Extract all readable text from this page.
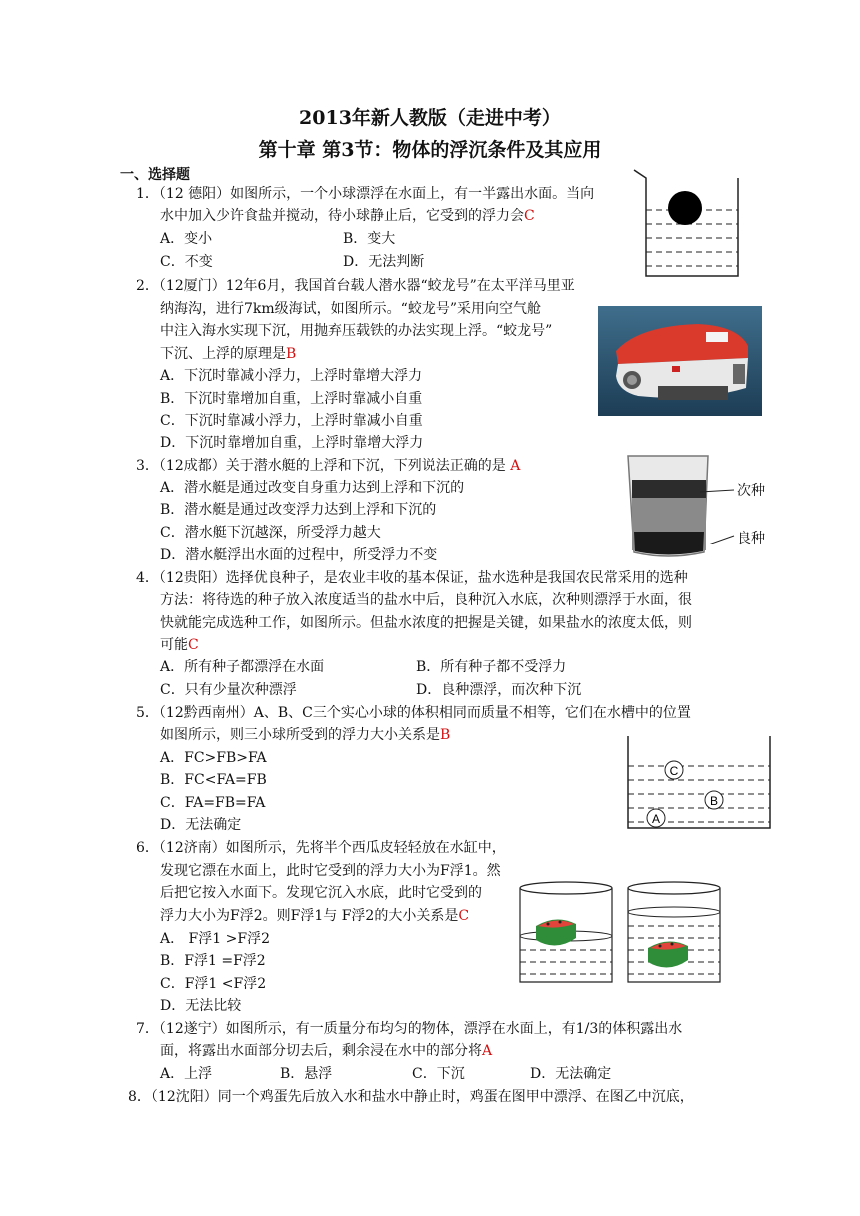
2013年新人教版（走进中考）
第十章 第3节：物体的浮沉条件及其应用
一、选择题
1．（12 德阳）如图所示，一个小球漂浮在水面上，有一半露出水面。当向
水中加入少许食盐并搅动，待小球静止后，它受到的浮力会C
A．变小	B．变大
C．不变	D．无法判断
2．（12厦门）12年6月，我国首台载人潜水器“蛟龙号”在太平洋马里亚
纳海沟，进行7km级海试，如图所示。“蛟龙号”采用向空气舱
中注入海水实现下沉，用抛弃压载铁的办法实现上浮。“蛟龙号”
下沉、上浮的原理是B
A．下沉时靠减小浮力，上浮时靠增大浮力
B．下沉时靠增加自重，上浮时靠减小自重
C．下沉时靠减小浮力，上浮时靠减小自重
D．下沉时靠增加自重，上浮时靠增大浮力
3．（12成都）关于潜水艇的上浮和下沉，下列说法正确的是 A
A．潜水艇是通过改变自身重力达到上浮和下沉的
B．潜水艇是通过改变浮力达到上浮和下沉的
C．潜水艇下沉越深，所受浮力越大
D．潜水艇浮出水面的过程中，所受浮力不变
次种
良种
4．（12贵阳）选择优良种子，是农业丰收的基本保证，盐水选种是我国农民常采用的选种
方法：将待选的种子放入浓度适当的盐水中后，良种沉入水底，次种则漂浮于水面，很
快就能完成选种工作，如图所示。但盐水浓度的把握是关键，如果盐水的浓度太低，则
可能C
A．所有种子都漂浮在水面	B．所有种子都不受浮力
C．只有少量次种漂浮	D．良种漂浮，而次种下沉
5．（12黔西南州）A、B、C三个实心小球的体积相同而质量不相等，它们在水槽中的位置
如图所示，则三小球所受到的浮力大小关系是B
A．FC>FB>FA
B．FC<FA=FB
C．FA=FB=FA
D．无法确定
C
B
A
6．（12济南）如图所示，先将半个西瓜皮轻轻放在水缸中，
发现它漂在水面上，此时它受到的浮力大小为F浮1。然
后把它按入水面下。发现它沉入水底，此时它受到的
浮力大小为F浮2。则F浮1与 F浮2的大小关系是C
A． F浮1 >F浮2
B．F浮1 =F浮2
C．F浮1 <F浮2
D．无法比较
7．（12遂宁）如图所示，有一质量分布均匀的物体，漂浮在水面上，有1/3的体积露出水
面，将露出水面部分切去后，剩余浸在水中的部分将A
A．上浮	B．悬浮	C．下沉	D．无法确定
8．（12沈阳）同一个鸡蛋先后放入水和盐水中静止时，鸡蛋在图甲中漂浮、在图乙中沉底，
